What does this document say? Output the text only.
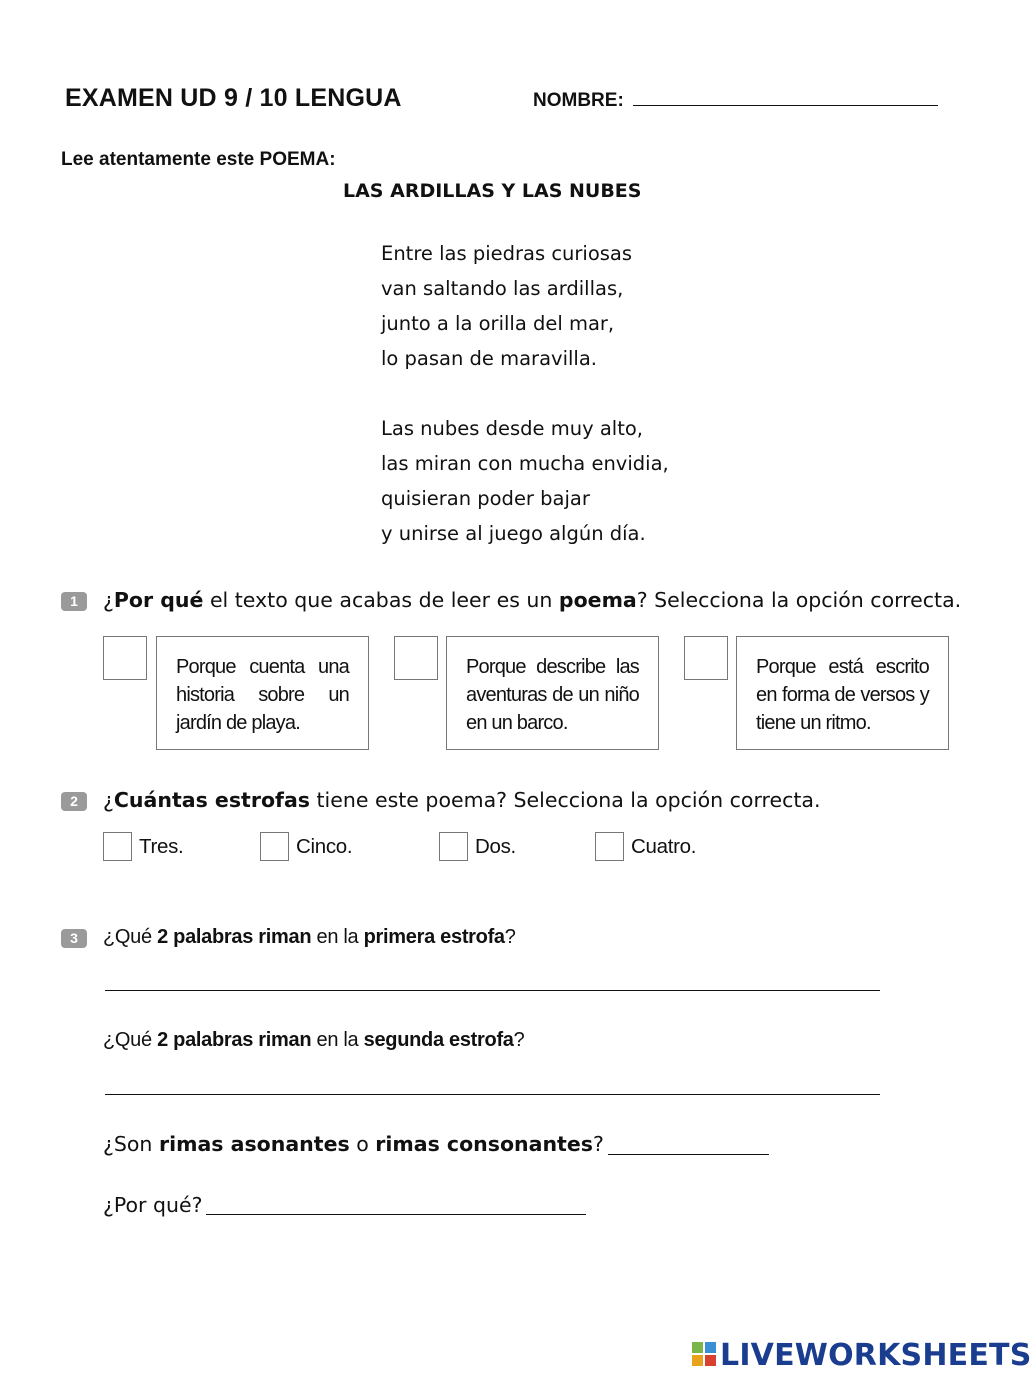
EXAMEN UD 9 / 10 LENGUA	NOMBRE:
Lee atentamente este POEMA:
LAS ARDILLAS Y LAS NUBES
Entre las piedras curiosas
van saltando las ardillas,
junto a la orilla del mar,
lo pasan de maravilla.
Las nubes desde muy alto,
las miran con mucha envidia,
quisieran poder bajar
y unirse al juego algún día.
1	¿Por qué el texto que acabas de leer es un poema? Selecciona la opción correcta.
Porque cuenta una historia sobre un jardín de playa.
Porque describe las aventuras de un niño en un barco.
Porque está escrito en forma de versos y tiene un ritmo.
2	¿Cuántas estrofas tiene este poema? Selecciona la opción correcta.
Tres.	Cinco.	Dos.	Cuatro.
3	¿Qué 2 palabras riman en la primera estrofa?
¿Qué 2 palabras riman en la segunda estrofa?
¿Son rimas asonantes o rimas consonantes?
¿Por qué?
LIVEWORKSHEETS
